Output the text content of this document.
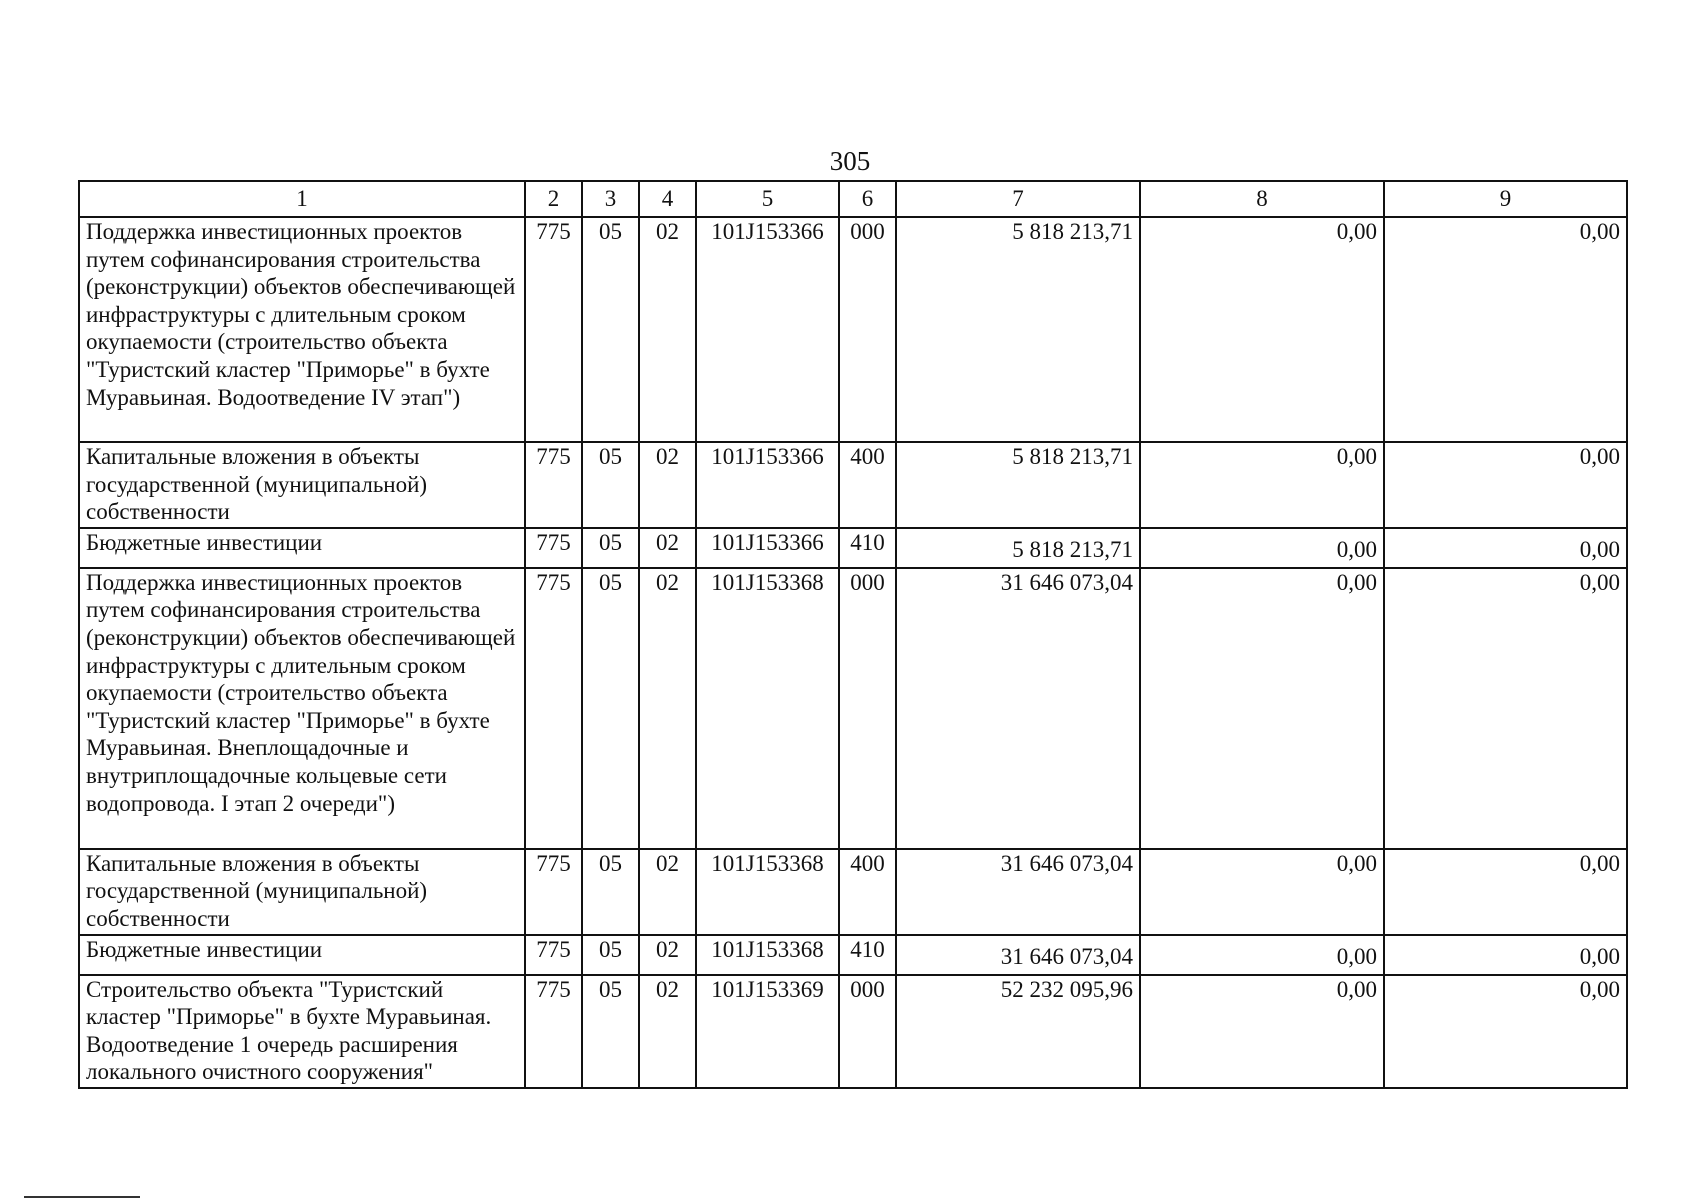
305
1	2	3	4	5	6	7	8	9
Поддержка инвестиционных проектов путем софинансирования строительства (реконструкции) объектов обеспечивающей инфраструктуры с длительным сроком окупаемости (строительство объекта "Туристский кластер "Приморье" в бухте Муравьиная. Водоотведение IV этап")	775	05	02	101J153366	000	5 818 213,71	0,00	0,00
Капитальные вложения в объекты государственной (муниципальной) собственности	775	05	02	101J153366	400	5 818 213,71	0,00	0,00
Бюджетные инвестиции	775	05	02	101J153366	410	5 818 213,71	0,00	0,00
Поддержка инвестиционных проектов путем софинансирования строительства (реконструкции) объектов обеспечивающей инфраструктуры с длительным сроком окупаемости (строительство объекта "Туристский кластер "Приморье" в бухте Муравьиная. Внеплощадочные и внутриплощадочные кольцевые сети водопровода. I этап 2 очереди")	775	05	02	101J153368	000	31 646 073,04	0,00	0,00
Капитальные вложения в объекты государственной (муниципальной) собственности	775	05	02	101J153368	400	31 646 073,04	0,00	0,00
Бюджетные инвестиции	775	05	02	101J153368	410	31 646 073,04	0,00	0,00
Строительство объекта "Туристский кластер "Приморье" в бухте Муравьиная. Водоотведение 1 очередь расширения локального очистного сооружения"	775	05	02	101J153369	000	52 232 095,96	0,00	0,00
